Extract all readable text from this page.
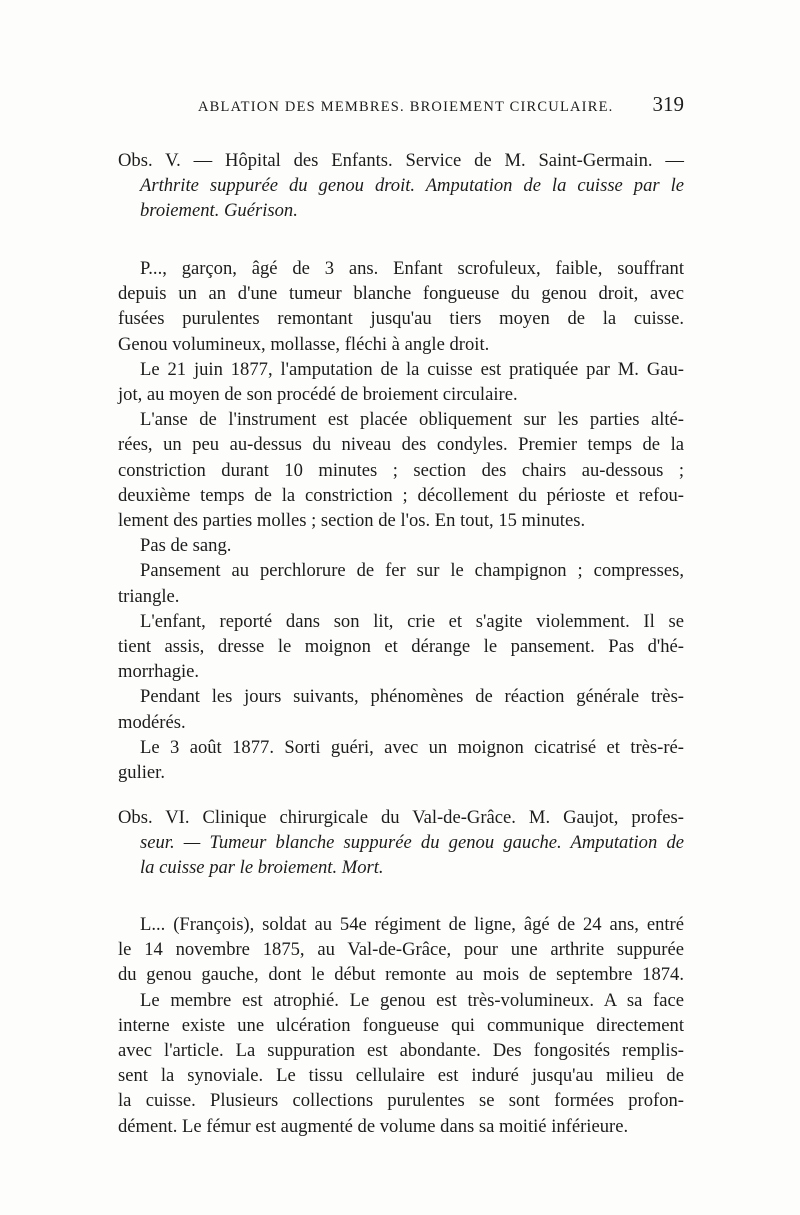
ABLATION DES MEMBRES. BROIEMENT CIRCULAIRE. 319
Obs. V. — Hôpital des Enfants. Service de M. Saint-Germain. —
Arthrite suppurée du genou droit. Amputation de la cuisse par le
broiement. Guérison.
P..., garçon, âgé de 3 ans. Enfant scrofuleux, faible, souffrant
depuis un an d'une tumeur blanche fongueuse du genou droit, avec
fusées purulentes remontant jusqu'au tiers moyen de la cuisse.
Genou volumineux, mollasse, fléchi à angle droit.
Le 21 juin 1877, l'amputation de la cuisse est pratiquée par M. Gau-
jot, au moyen de son procédé de broiement circulaire.
L'anse de l'instrument est placée obliquement sur les parties alté-
rées, un peu au-dessus du niveau des condyles. Premier temps de la
constriction durant 10 minutes ; section des chairs au-dessous ;
deuxième temps de la constriction ; décollement du périoste et refou-
lement des parties molles ; section de l'os. En tout, 15 minutes.
Pas de sang.
Pansement au perchlorure de fer sur le champignon ; compresses,
triangle.
L'enfant, reporté dans son lit, crie et s'agite violemment. Il se
tient assis, dresse le moignon et dérange le pansement. Pas d'hé-
morrhagie.
Pendant les jours suivants, phénomènes de réaction générale très-
modérés.
Le 3 août 1877. Sorti guéri, avec un moignon cicatrisé et très-ré-
gulier.
Obs. VI. Clinique chirurgicale du Val-de-Grâce. M. Gaujot, profes-
seur. — Tumeur blanche suppurée du genou gauche. Amputation de
la cuisse par le broiement. Mort.
L... (François), soldat au 54e régiment de ligne, âgé de 24 ans, entré
le 14 novembre 1875, au Val-de-Grâce, pour une arthrite suppurée
du genou gauche, dont le début remonte au mois de septembre 1874.
Le membre est atrophié. Le genou est très-volumineux. A sa face
interne existe une ulcération fongueuse qui communique directement
avec l'article. La suppuration est abondante. Des fongosités remplis-
sent la synoviale. Le tissu cellulaire est induré jusqu'au milieu de
la cuisse. Plusieurs collections purulentes se sont formées profon-
dément. Le fémur est augmenté de volume dans sa moitié inférieure.
